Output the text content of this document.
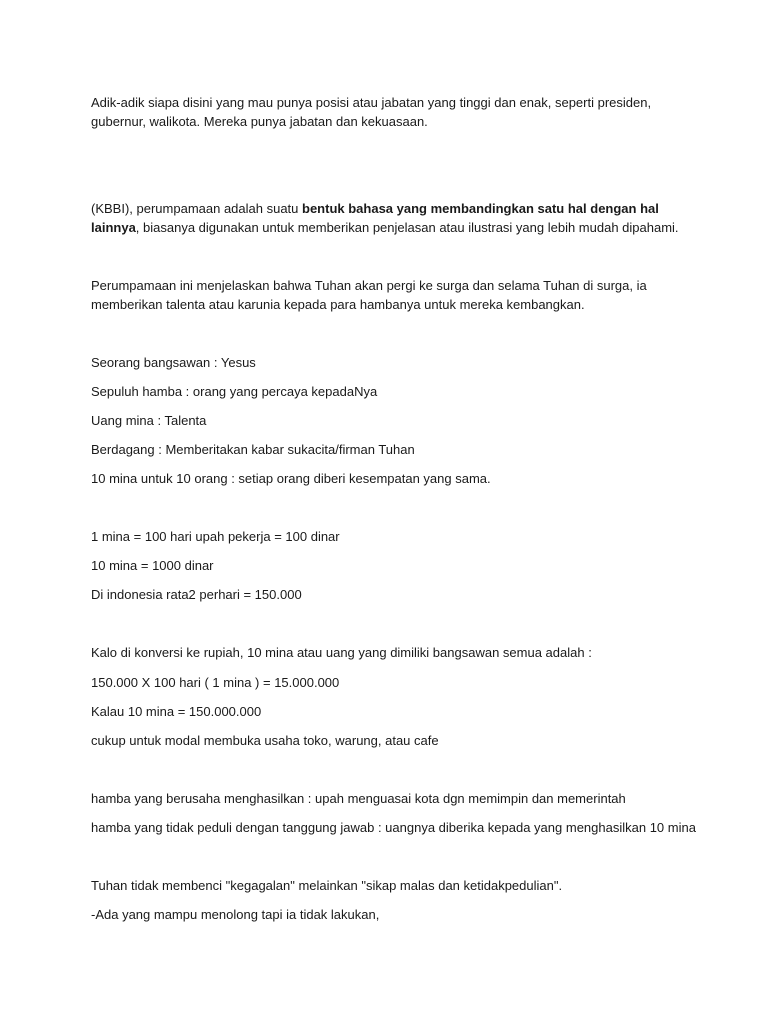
Adik-adik siapa disini yang mau punya posisi atau jabatan yang tinggi dan enak, seperti presiden, gubernur, walikota. Mereka punya jabatan dan kekuasaan.

(KBBI), perumpamaan adalah suatu bentuk bahasa yang membandingkan satu hal dengan hal lainnya, biasanya digunakan untuk memberikan penjelasan atau ilustrasi yang lebih mudah dipahami.

Perumpamaan ini menjelaskan bahwa Tuhan akan pergi ke surga dan selama Tuhan di surga, ia memberikan talenta atau karunia kepada para hambanya untuk mereka kembangkan.

Seorang bangsawan : Yesus

Sepuluh hamba : orang yang percaya kepadaNya

Uang mina : Talenta

Berdagang : Memberitakan kabar sukacita/firman Tuhan

10 mina untuk 10 orang : setiap orang diberi kesempatan yang sama.

1 mina = 100 hari upah pekerja = 100 dinar

10 mina = 1000 dinar

Di indonesia rata2 perhari = 150.000

Kalo di konversi ke rupiah, 10 mina atau uang yang dimiliki bangsawan semua adalah :

150.000 X 100 hari ( 1 mina ) = 15.000.000

Kalau 10 mina = 150.000.000

cukup untuk modal membuka usaha toko, warung, atau cafe

hamba yang berusaha menghasilkan : upah menguasai kota dgn memimpin dan memerintah

hamba yang tidak peduli dengan tanggung jawab : uangnya diberika kepada yang menghasilkan 10 mina

Tuhan tidak membenci "kegagalan" melainkan "sikap malas dan ketidakpedulian".

-Ada yang mampu menolong tapi ia tidak lakukan,
